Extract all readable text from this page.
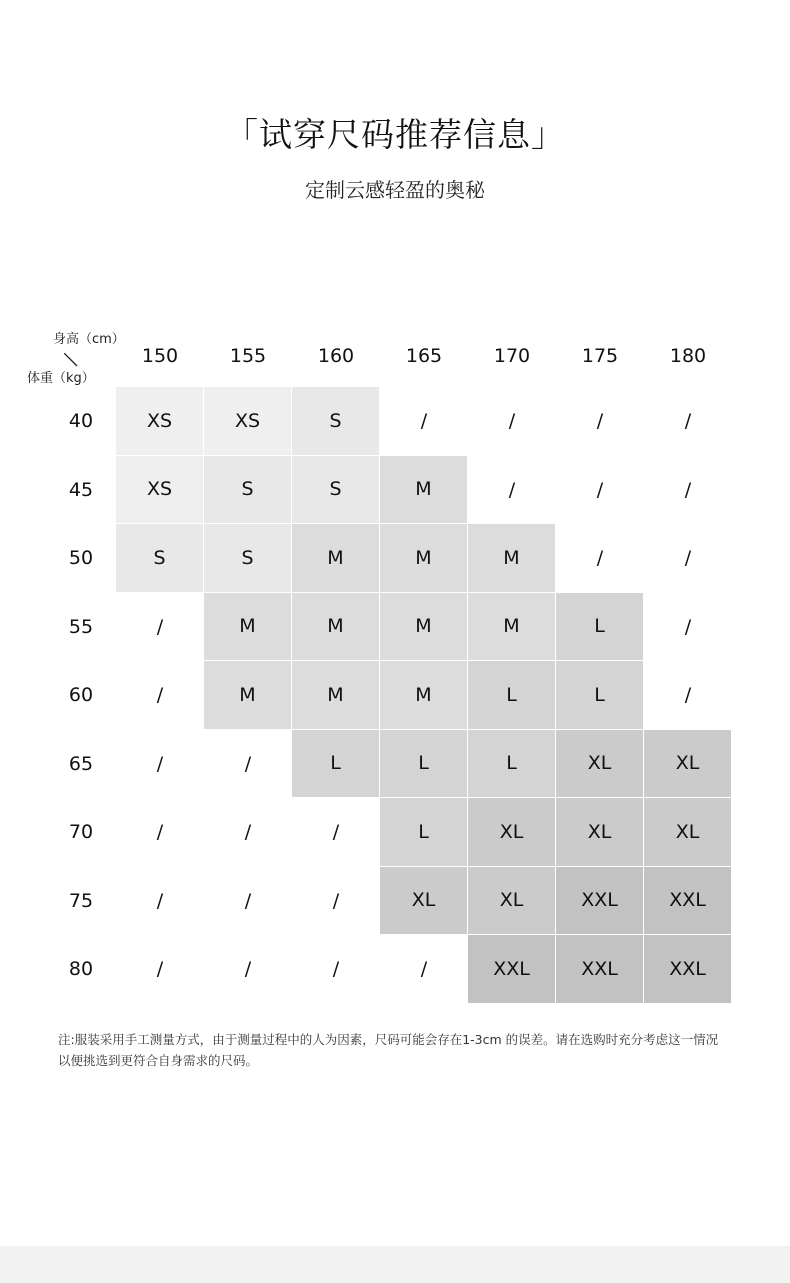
「试穿尺码推荐信息」
定制云感轻盈的奥秘
身高（cm）
体重（kg）
150	155	160	165	170	175	180
40	XS	XS	S	/	/	/	/
45	XS	S	S	M	/	/	/
50	S	S	M	M	M	/	/
55	/	M	M	M	M	L	/
60	/	M	M	M	L	L	/
65	/	/	L	L	L	XL	XL
70	/	/	/	L	XL	XL	XL
75	/	/	/	XL	XL	XXL	XXL
80	/	/	/	/	XXL	XXL	XXL
注:服装采用手工测量方式，由于测量过程中的人为因素，尺码可能会存在1-3cm 的误差。请在选购时充分考虑这一情况
以便挑选到更符合自身需求的尺码。
